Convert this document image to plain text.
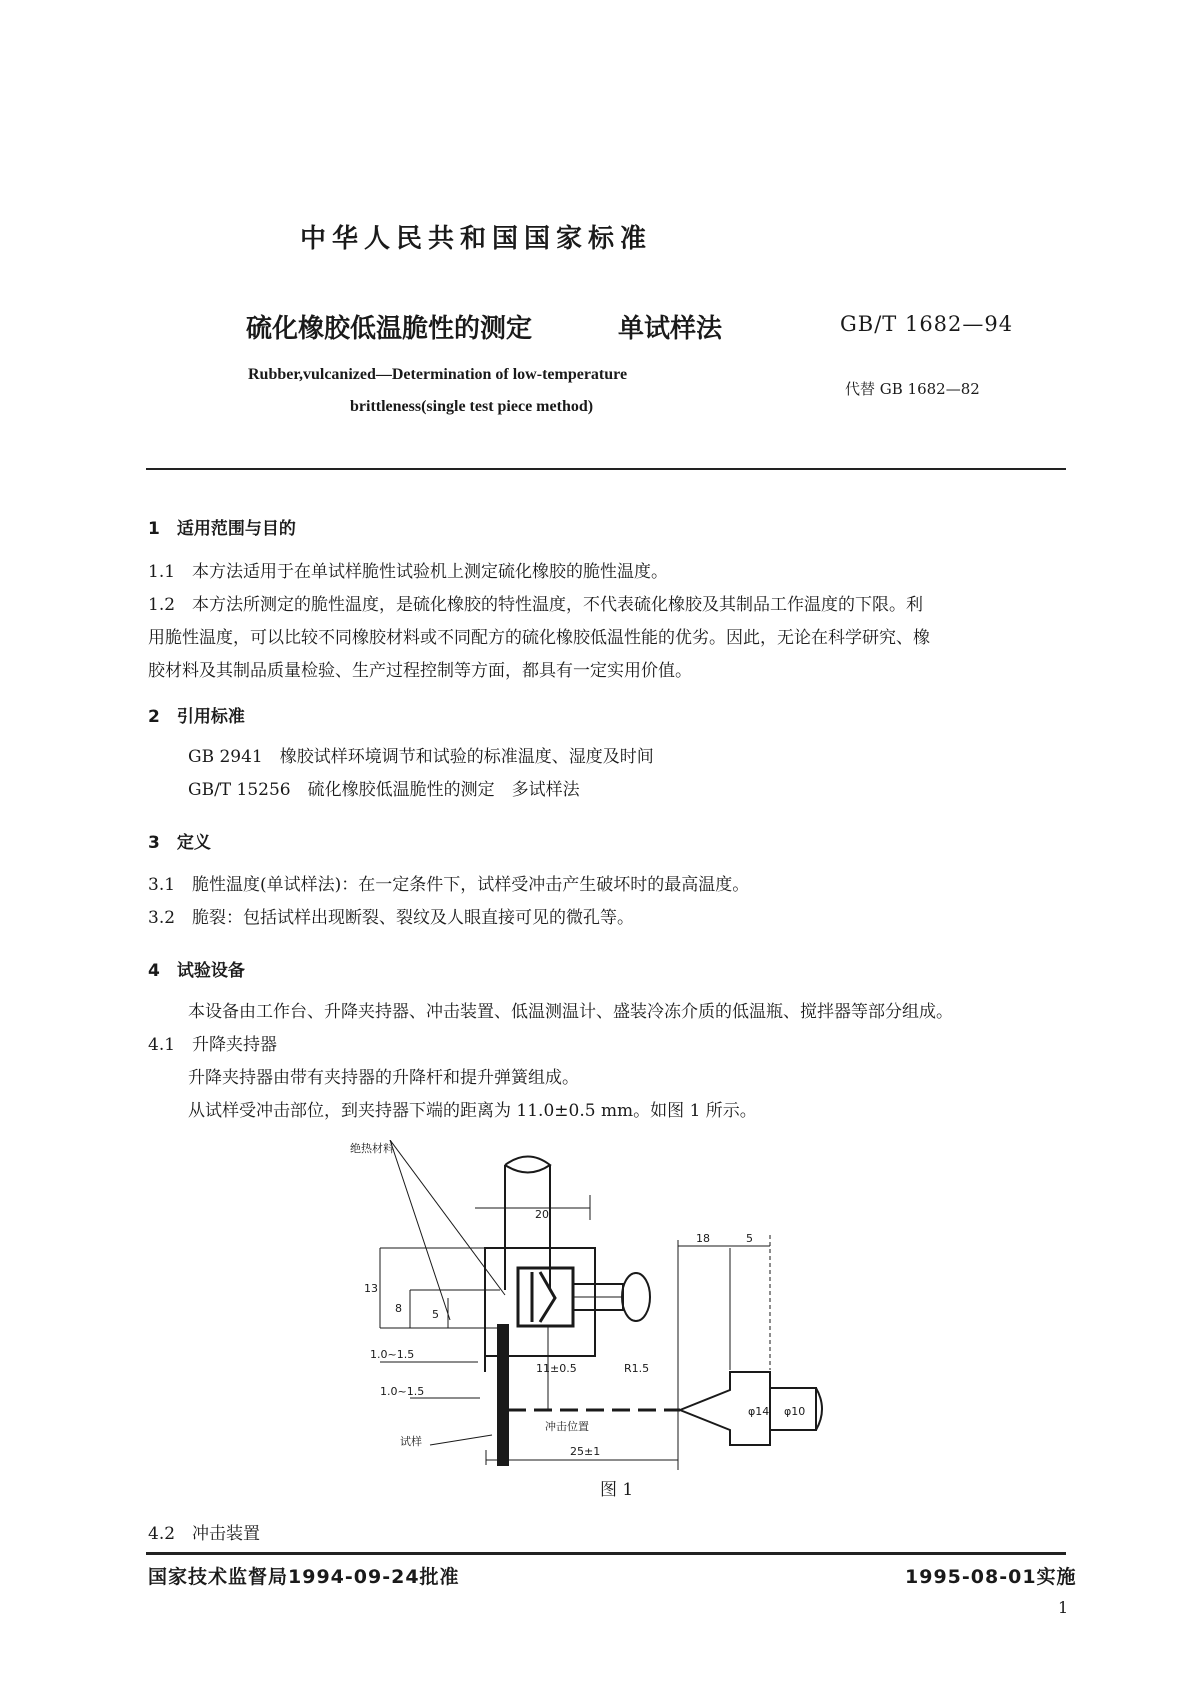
中华人民共和国国家标准
硫化橡胶低温脆性的测定	单试样法	GB/T 1682—94
Rubber,vulcanized—Determination of low-temperature
brittleness(single test piece method)
代替 GB 1682—82
1　适用范围与目的
1.1　本方法适用于在单试样脆性试验机上测定硫化橡胶的脆性温度。
1.2　本方法所测定的脆性温度，是硫化橡胶的特性温度，不代表硫化橡胶及其制品工作温度的下限。利
用脆性温度，可以比较不同橡胶材料或不同配方的硫化橡胶低温性能的优劣。因此，无论在科学研究、橡
胶材料及其制品质量检验、生产过程控制等方面，都具有一定实用价值。
2　引用标准
GB 2941　橡胶试样环境调节和试验的标准温度、湿度及时间
GB/T 15256　硫化橡胶低温脆性的测定　多试样法
3　定义
3.1　脆性温度(单试样法)：在一定条件下，试样受冲击产生破坏时的最高温度。
3.2　脆裂：包括试样出现断裂、裂纹及人眼直接可见的微孔等。
4　试验设备
本设备由工作台、升降夹持器、冲击装置、低温测温计、盛装冷冻介质的低温瓶、搅拌器等部分组成。
4.1　升降夹持器
升降夹持器由带有夹持器的升降杆和提升弹簧组成。
从试样受冲击部位，到夹持器下端的距离为 11.0±0.5 mm。如图 1 所示。
20
13
8	5
1.0~1.5
1.0~1.5
11±0.5	R1.5
18	5
φ14 φ10
25±1
绝热材料
冲击位置
试样
图 1
4.2　冲击装置
国家技术监督局1994-09-24批准	1995-08-01实施
1
